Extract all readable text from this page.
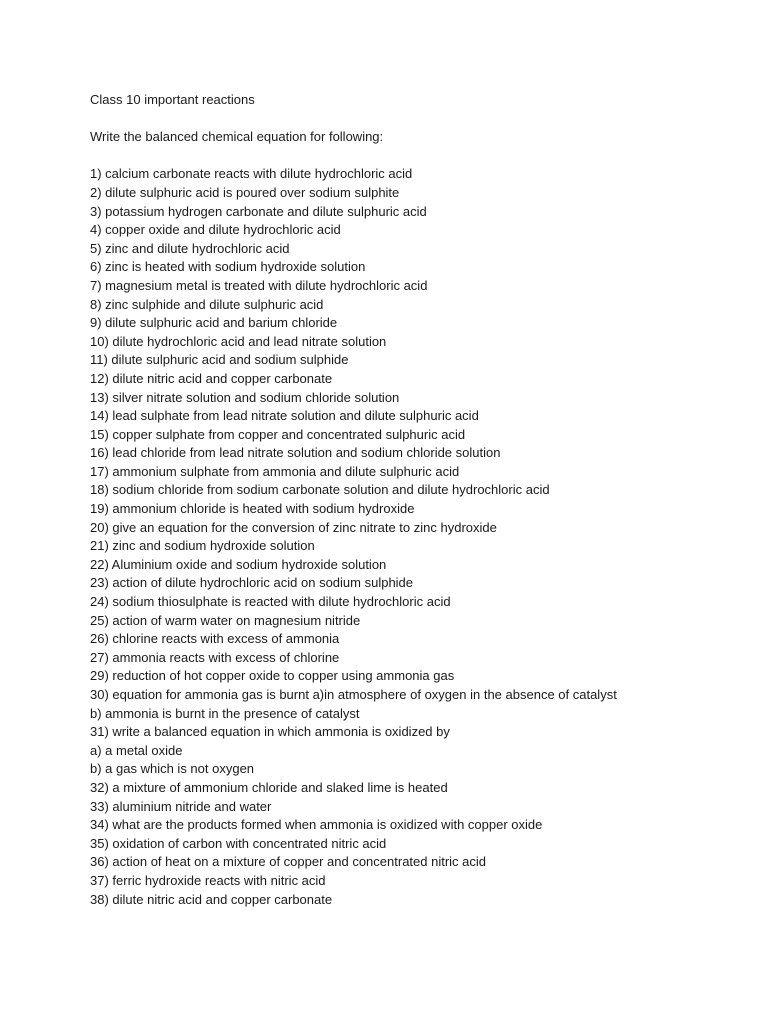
Class 10 important reactions
Write the balanced chemical equation for following:
1) calcium carbonate reacts with dilute hydrochloric acid
2) dilute sulphuric acid is poured over sodium sulphite
3) potassium hydrogen carbonate and dilute sulphuric acid
4) copper oxide and dilute hydrochloric acid
5) zinc and dilute hydrochloric acid
6) zinc is heated with sodium hydroxide solution
7) magnesium metal is treated with dilute hydrochloric acid
8) zinc sulphide and dilute sulphuric acid
9) dilute sulphuric acid and barium chloride
10) dilute hydrochloric acid and lead nitrate solution
11) dilute sulphuric acid and sodium sulphide
12) dilute nitric acid and copper carbonate
13) silver nitrate solution and sodium chloride solution
14) lead sulphate from lead nitrate solution and dilute sulphuric acid
15) copper sulphate from copper and concentrated sulphuric acid
16) lead chloride from lead nitrate solution and sodium chloride solution
17) ammonium sulphate from ammonia and dilute sulphuric acid
18) sodium chloride from sodium carbonate solution and dilute hydrochloric acid
19) ammonium chloride is heated with sodium hydroxide
20) give an equation for the conversion of zinc nitrate to zinc hydroxide
21) zinc and sodium hydroxide solution
22) Aluminium oxide and sodium hydroxide solution
23) action of dilute hydrochloric acid on sodium sulphide
24) sodium thiosulphate is reacted with dilute hydrochloric acid
25) action of warm water on magnesium nitride
26) chlorine reacts with excess of ammonia
27) ammonia reacts with excess of chlorine
29) reduction of hot copper oxide to copper using ammonia gas
30) equation for ammonia gas is burnt a)in atmosphere of oxygen in the absence of catalyst
b) ammonia is burnt in the presence of catalyst
31) write a balanced equation in which ammonia is oxidized by
a) a metal oxide
b) a gas which is not oxygen
32) a mixture of ammonium chloride and slaked lime is heated
33) aluminium nitride and water
34) what are the products formed when ammonia is oxidized with copper oxide
35) oxidation of carbon with concentrated nitric acid
36) action of heat on a mixture of copper and concentrated nitric acid
37) ferric hydroxide reacts with nitric acid
38) dilute nitric acid and copper carbonate
